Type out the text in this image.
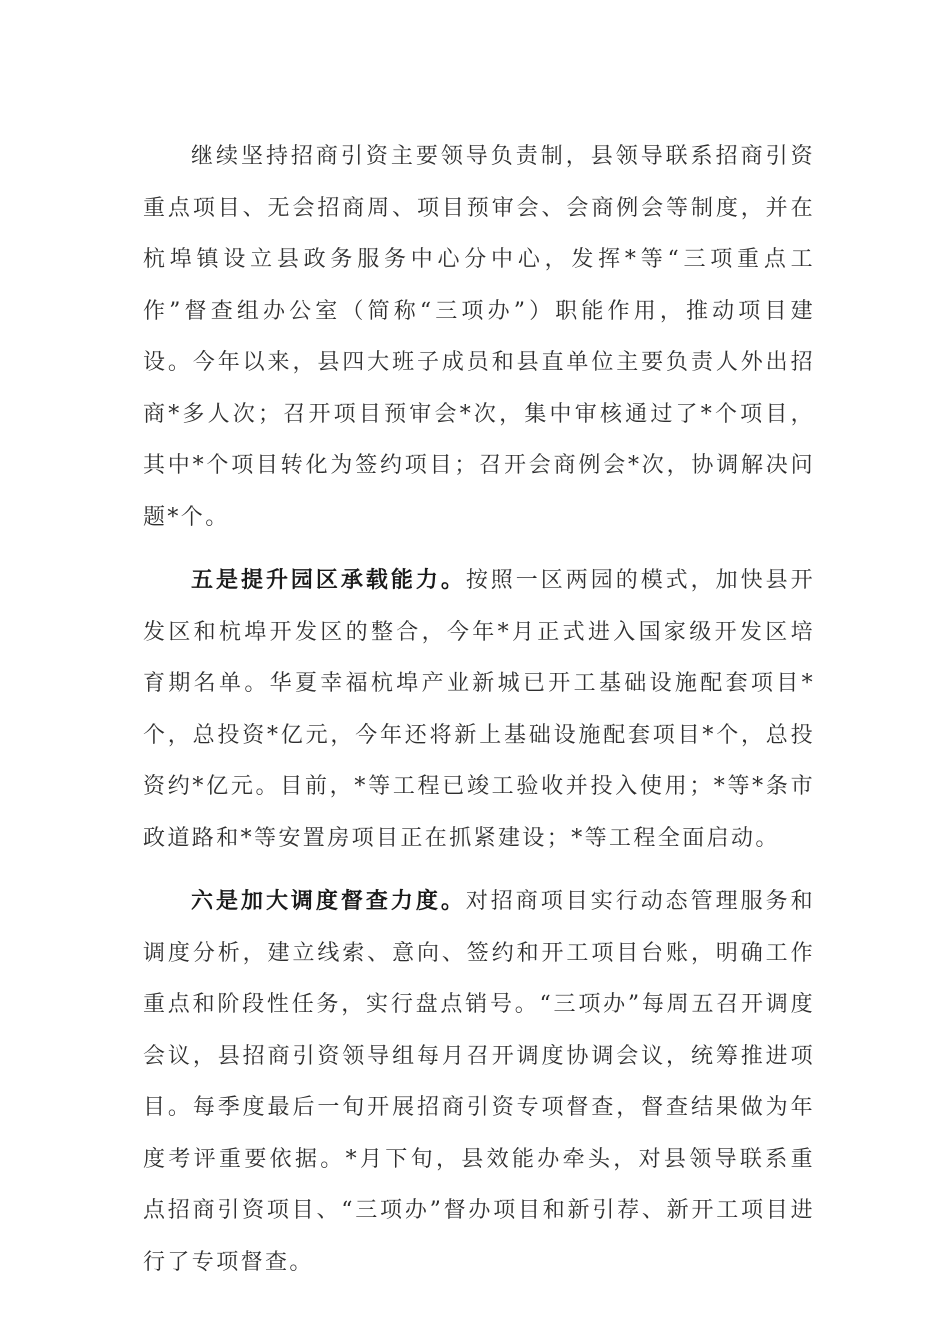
继续坚持招商引资主要领导负责制，县领导联系招商引资重点项目、无会招商周、项目预审会、会商例会等制度，并在杭埠镇设立县政务服务中心分中心，发挥*等“三项重点工作”督查组办公室（简称“三项办”）职能作用，推动项目建设。今年以来，县四大班子成员和县直单位主要负责人外出招商*多人次；召开项目预审会*次，集中审核通过了*个项目，其中*个项目转化为签约项目；召开会商例会*次，协调解决问题*个。

五是提升园区承载能力。按照一区两园的模式，加快县开发区和杭埠开发区的整合，今年*月正式进入国家级开发区培育期名单。华夏幸福杭埠产业新城已开工基础设施配套项目*个，总投资*亿元，今年还将新上基础设施配套项目*个，总投资约*亿元。目前，*等工程已竣工验收并投入使用；*等*条市政道路和*等安置房项目正在抓紧建设；*等工程全面启动。

六是加大调度督查力度。对招商项目实行动态管理服务和调度分析，建立线索、意向、签约和开工项目台账，明确工作重点和阶段性任务，实行盘点销号。“三项办”每周五召开调度会议，县招商引资领导组每月召开调度协调会议，统筹推进项目。每季度最后一旬开展招商引资专项督查，督查结果做为年度考评重要依据。*月下旬，县效能办牵头，对县领导联系重点招商引资项目、“三项办”督办项目和新引荐、新开工项目进行了专项督查。
